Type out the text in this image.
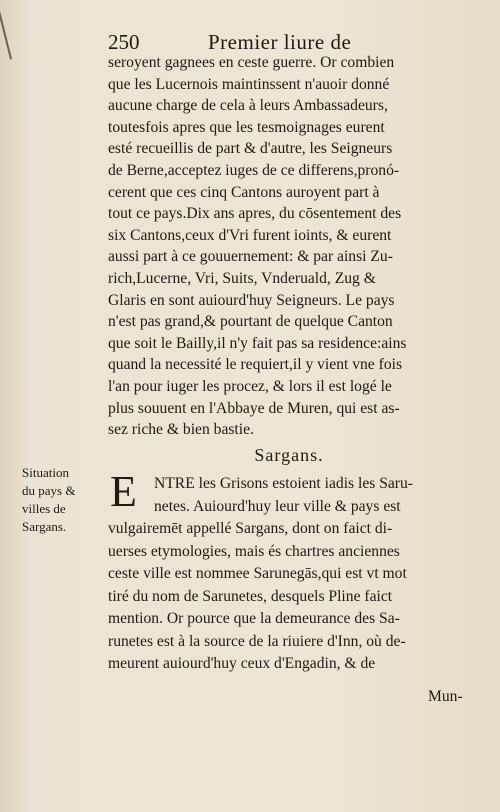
250	Premier liure de
seroyent gagnees en ceste guerre. Or combien
que les Lucernois maintinssent n'auoir donné
aucune charge de cela à leurs Ambassadeurs,
toutesfois apres que les tesmoignages eurent
esté recueillis de part & d'autre, les Seigneurs
de Berne,acceptez iuges de ce differens,pronó-
cerent que ces cinq Cantons auroyent part à
tout ce pays.Dix ans apres, du cōsentement des
six Cantons,ceux d'Vri furent ioints, & eurent
aussi part à ce gouuernement: & par ainsi Zu-
rich,Lucerne, Vri, Suits, Vnderuald, Zug &
Glaris en sont auiourd'huy Seigneurs. Le pays
n'est pas grand,& pourtant de quelque Canton
que soit le Bailly,il n'y fait pas sa residence:ains
quand la necessité le requiert,il y vient vne fois
l'an pour iuger les procez, & lors il est logé le
plus souuent en l'Abbaye de Muren, qui est as-
sez riche & bien bastie.
Sargans.
Situation
du pays &
villes de
Sargans.
E	NTRE les Grisons estoient iadis les Saru-
netes. Auiourd'huy leur ville & pays est
vulgairemēt appellé Sargans, dont on faict di-
uerses etymologies, mais és chartres anciennes
ceste ville est nommee Sarunegās,qui est vt mot
tiré du nom de Sarunetes, desquels Pline faict
mention. Or pource que la demeurance des Sa-
runetes est à la source de la riuiere d'Inn, où de-
meurent auiourd'huy ceux d'Engadin, & de
Mun-
